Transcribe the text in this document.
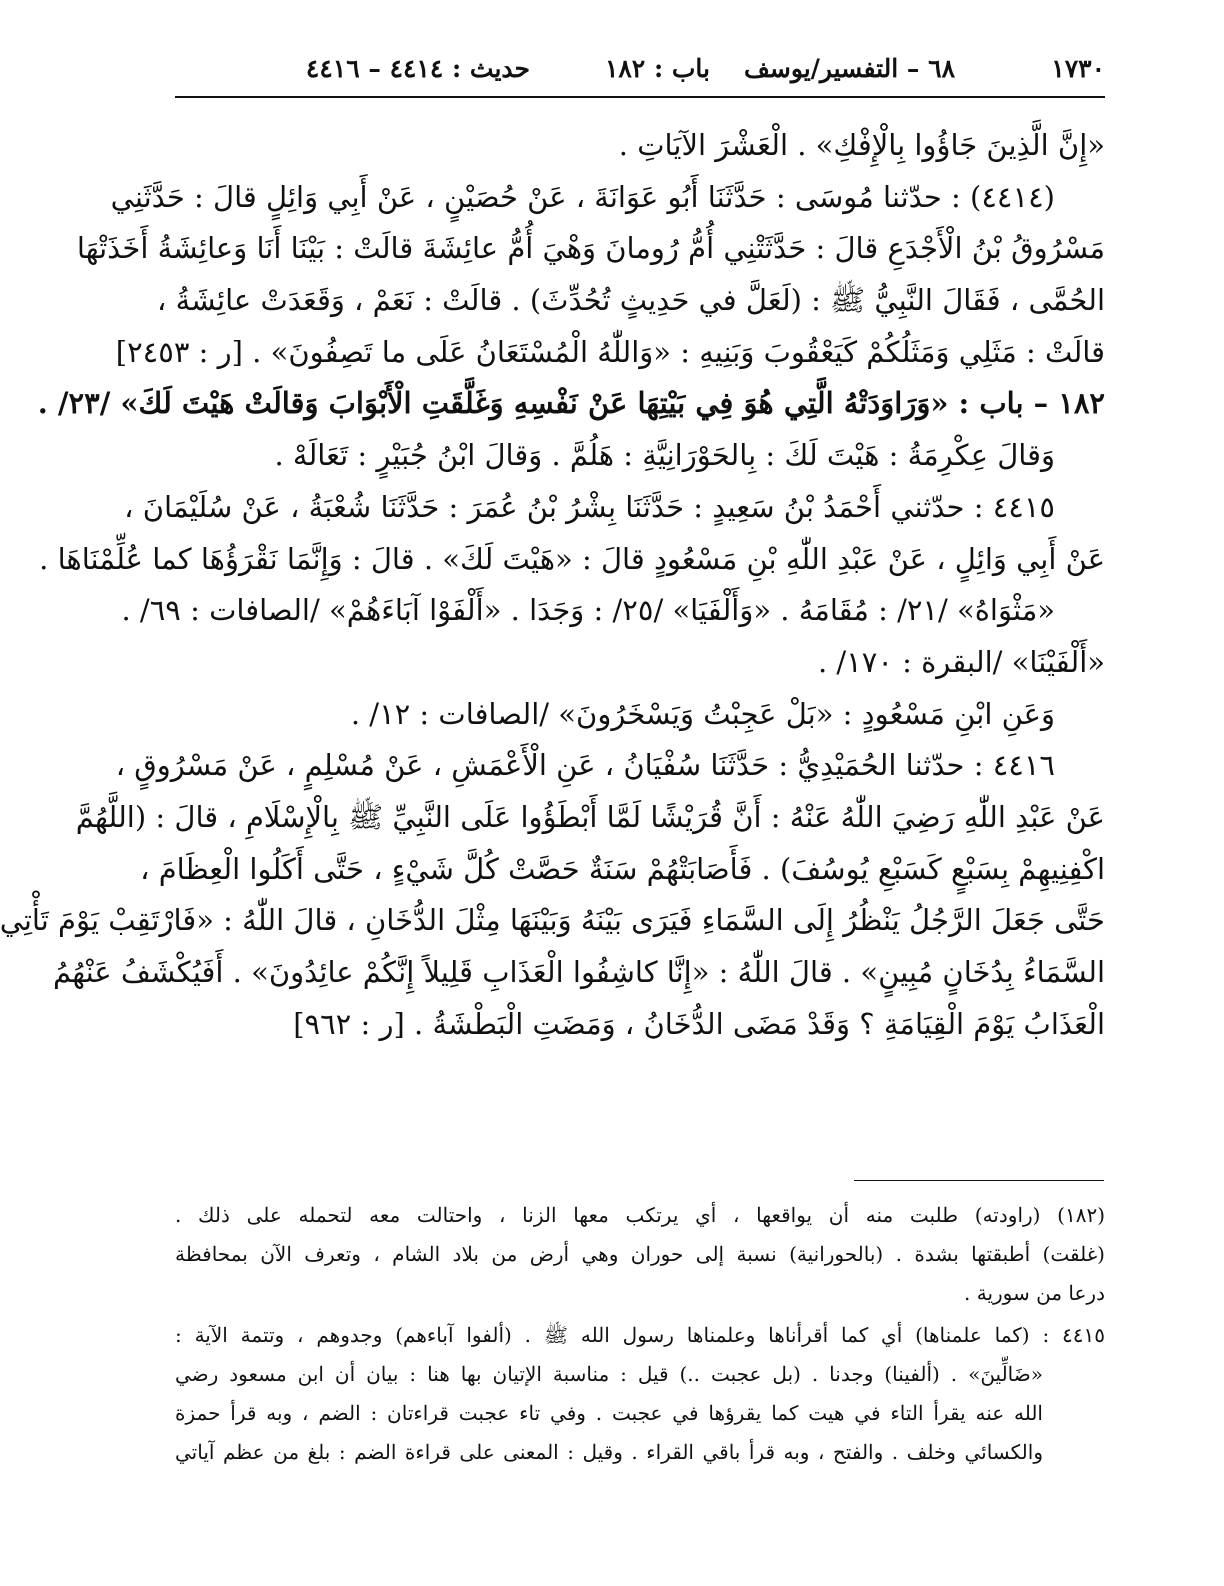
١٧٣٠
٦٨ – التفسير/يوسف
باب : ١٨٢
حديث : ٤٤١٤ – ٤٤١٦
«إِنَّ الَّذِينَ جَاؤُوا بِالْإِفْكِ» . الْعَشْرَ الآيَاتِ .
(٤٤١٤) : حدّثنا مُوسَى : حَدَّثَنَا أَبُو عَوَانَةَ ، عَنْ حُصَيْنٍ ، عَنْ أَبِي وَائِلٍ قالَ : حَدَّثَنِي
مَسْرُوقُ بْنُ الْأَجْدَعِ قالَ : حَدَّثَتْنِي أُمُّ رُومانَ وَهْيَ أُمُّ عائِشَةَ قالَتْ : بَيْنَا أَنَا وَعائِشَةُ أَخَذَتْهَا
الحُمَّى ، فَقَالَ النَّبِيُّ ﷺ : (لَعَلَّ في حَدِيثٍ تُحُدِّثَ) . قالَتْ : نَعَمْ ، وَقَعَدَتْ عائِشَةُ ،
قالَتْ : مَثَلِي وَمَثَلُكُمْ كَيَعْقُوبَ وَبَنِيهِ : «وَاللّٰهُ الْمُسْتَعَانُ عَلَى ما تَصِفُونَ» . [ر : ٢٤٥٣]
١٨٢ – باب : «وَرَاوَدَتْهُ الَّتِي هُوَ فِي بَيْتِهَا عَنْ نَفْسِهِ وَغَلَّقَتِ الْأَبْوَابَ وَقالَتْ هَيْتَ لَكَ» /٢٣/ .
وَقالَ عِكْرِمَةُ : هَيْتَ لَكَ : بِالحَوْرَانِيَّةِ : هَلُمَّ . وَقالَ ابْنُ جُبَيْرٍ : تَعَالَهْ .
٤٤١٥ : حدّثني أَحْمَدُ بْنُ سَعِيدٍ : حَدَّثَنَا بِشْرُ بْنُ عُمَرَ : حَدَّثَنَا شُعْبَةُ ، عَنْ سُلَيْمَانَ ،
عَنْ أَبِي وَائِلٍ ، عَنْ عَبْدِ اللّٰهِ بْنِ مَسْعُودٍ قالَ : «هَيْتَ لَكَ» . قالَ : وَإِنَّمَا نَقْرَؤُهَا كما عُلِّمْنَاهَا .
«مَثْوَاهُ» /٢١/ : مُقَامَهُ . «وَأَلْفَيَا» /٢٥/ : وَجَدَا . «أَلْفَوْا آبَاءَهُمْ» /الصافات : ٦٩/ .
«أَلْفَيْنَا» /البقرة : ١٧٠/ .
وَعَنِ ابْنِ مَسْعُودٍ : «بَلْ عَجِبْتُ وَيَسْخَرُونَ» /الصافات : ١٢/ .
٤٤١٦ : حدّثنا الحُمَيْدِيُّ : حَدَّثَنَا سُفْيَانُ ، عَنِ الْأَعْمَشِ ، عَنْ مُسْلِمٍ ، عَنْ مَسْرُوقٍ ،
عَنْ عَبْدِ اللّٰهِ رَضِيَ اللّٰهُ عَنْهُ : أَنَّ قُرَيْشًا لَمَّا أَبْطَؤُوا عَلَى النَّبِيِّ ﷺ بِالْإِسْلَامِ ، قالَ : (اللَّهُمَّ
اكْفِنِيهِمْ بِسَبْعٍ كَسَبْعِ يُوسُفَ) . فَأَصَابَتْهُمْ سَنَةٌ حَصَّتْ كُلَّ شَيْءٍ ، حَتَّى أَكَلُوا الْعِظَامَ ،
حَتَّى جَعَلَ الرَّجُلُ يَنْظُرُ إِلَى السَّمَاءِ فَيَرَى بَيْنَهُ وَبَيْنَهَا مِثْلَ الدُّخَانِ ، قالَ اللّٰهُ : «فَارْتَقِبْ يَوْمَ تَأْتِي
السَّمَاءُ بِدُخَانٍ مُبِينٍ» . قالَ اللّٰهُ : «إِنَّا كاشِفُوا الْعَذَابِ قَلِيلاً إِنَّكُمْ عائِدُونَ» . أَفَيُكْشَفُ عَنْهُمُ
الْعَذَابُ يَوْمَ الْقِيَامَةِ ؟ وَقَدْ مَضَى الدُّخَانُ ، وَمَضَتِ الْبَطْشَةُ . [ر : ٩٦٢]
(١٨٢) (راودته) طلبت منه أن يواقعها ، أي يرتكب معها الزنا ، واحتالت معه لتحمله على ذلك .
(غلقت) أطبقتها بشدة . (بالحورانية) نسبة إلى حوران وهي أرض من بلاد الشام ، وتعرف الآن بمحافظة
درعا من سورية .
٤٤١٥ : (كما علمناها) أي كما أقرأناها وعلمناها رسول الله ﷺ . (ألفوا آباءهم) وجدوهم ، وتتمة الآية :
«ضَالِّينَ» . (ألفينا) وجدنا . (بل عجبت ..) قيل : مناسبة الإتيان بها هنا : بيان أن ابن مسعود رضي
الله عنه يقرأ التاء في هيت كما يقرؤها في عجبت . وفي تاء عجبت قراءتان : الضم ، وبه قرأ حمزة
والكسائي وخلف . والفتح ، وبه قرأ باقي القراء . وقيل : المعنى على قراءة الضم : بلغ من عظم آياتي
